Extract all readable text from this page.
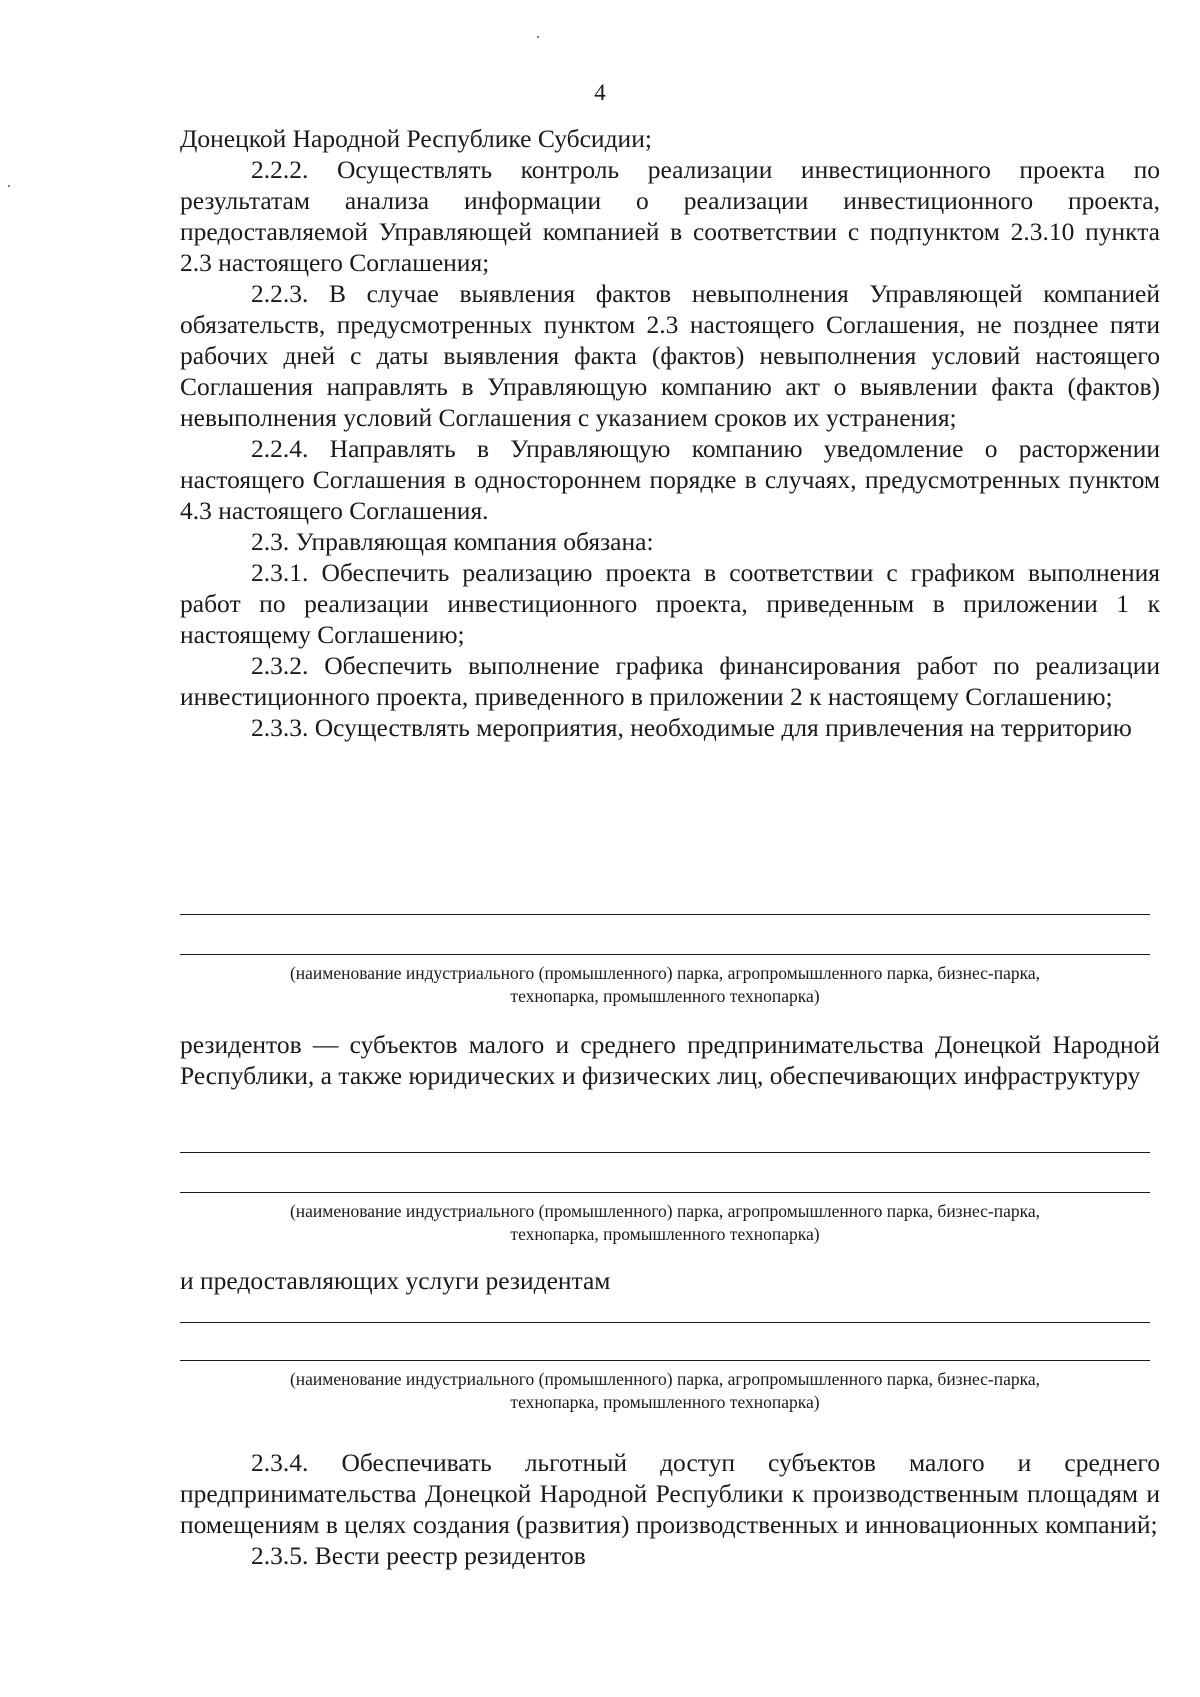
4

Донецкой Народной Республике Субсидии;

2.2.2. Осуществлять контроль реализации инвестиционного проекта по результатам анализа информации о реализации инвестиционного проекта, предоставляемой Управляющей компанией в соответствии с подпунктом 2.3.10 пункта 2.3 настоящего Соглашения;

2.2.3. В случае выявления фактов невыполнения Управляющей компанией обязательств, предусмотренных пунктом 2.3 настоящего Соглашения, не позднее пяти рабочих дней с даты выявления факта (фактов) невыполнения условий настоящего Соглашения направлять в Управляющую компанию акт о выявлении факта (фактов) невыполнения условий Соглашения с указанием сроков их устранения;

2.2.4. Направлять в Управляющую компанию уведомление о расторжении настоящего Соглашения в одностороннем порядке в случаях, предусмотренных пунктом 4.3 настоящего Соглашения.

2.3. Управляющая компания обязана:

2.3.1. Обеспечить реализацию проекта в соответствии с графиком выполнения работ по реализации инвестиционного проекта, приведенным в приложении 1 к настоящему Соглашению;

2.3.2. Обеспечить выполнение графика финансирования работ по реализации инвестиционного проекта, приведенного в приложении 2 к настоящему Соглашению;

2.3.3. Осуществлять мероприятия, необходимые для привлечения на территорию

(наименование индустриального (промышленного) парка, агропромышленного парка, бизнес-парка,
технопарка, промышленного технопарка)

резидентов — субъектов малого и среднего предпринимательства Донецкой Народной Республики, а также юридических и физических лиц, обеспечивающих инфраструктуру

(наименование индустриального (промышленного) парка, агропромышленного парка, бизнес-парка,
технопарка, промышленного технопарка)

и предоставляющих услуги резидентам

(наименование индустриального (промышленного) парка, агропромышленного парка, бизнес-парка,
технопарка, промышленного технопарка)

2.3.4. Обеспечивать льготный доступ субъектов малого и среднего предпринимательства Донецкой Народной Республики к производственным площадям и помещениям в целях создания (развития) производственных и инновационных компаний;

2.3.5. Вести реестр резидентов
